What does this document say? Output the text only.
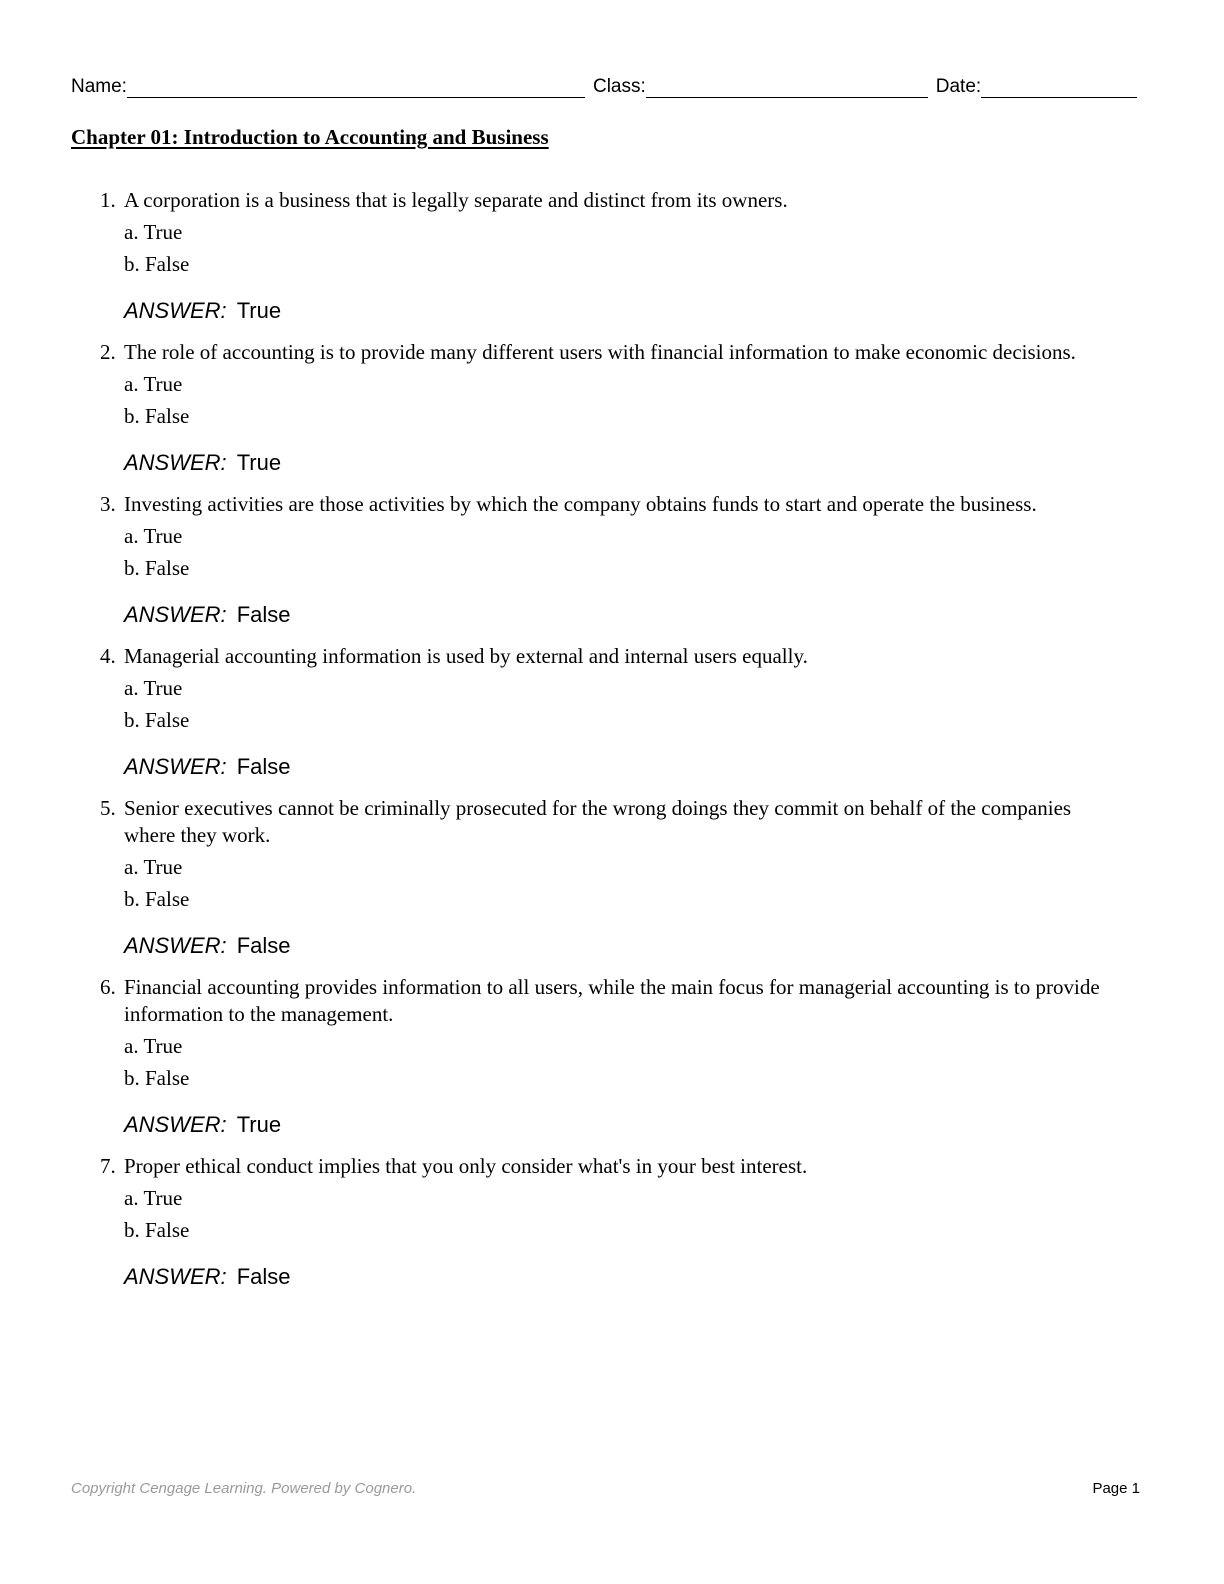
Name:	Class:	Date:
Chapter 01: Introduction to Accounting and Business
1. A corporation is a business that is legally separate and distinct from its owners.
a. True
b. False
ANSWER: True
2. The role of accounting is to provide many different users with financial information to make economic decisions.
a. True
b. False
ANSWER: True
3. Investing activities are those activities by which the company obtains funds to start and operate the business.
a. True
b. False
ANSWER: False
4. Managerial accounting information is used by external and internal users equally.
a. True
b. False
ANSWER: False
5. Senior executives cannot be criminally prosecuted for the wrong doings they commit on behalf of the companies where they work.
a. True
b. False
ANSWER: False
6. Financial accounting provides information to all users, while the main focus for managerial accounting is to provide information to the management.
a. True
b. False
ANSWER: True
7. Proper ethical conduct implies that you only consider what's in your best interest.
a. True
b. False
ANSWER: False
Copyright Cengage Learning. Powered by Cognero.	Page 1
